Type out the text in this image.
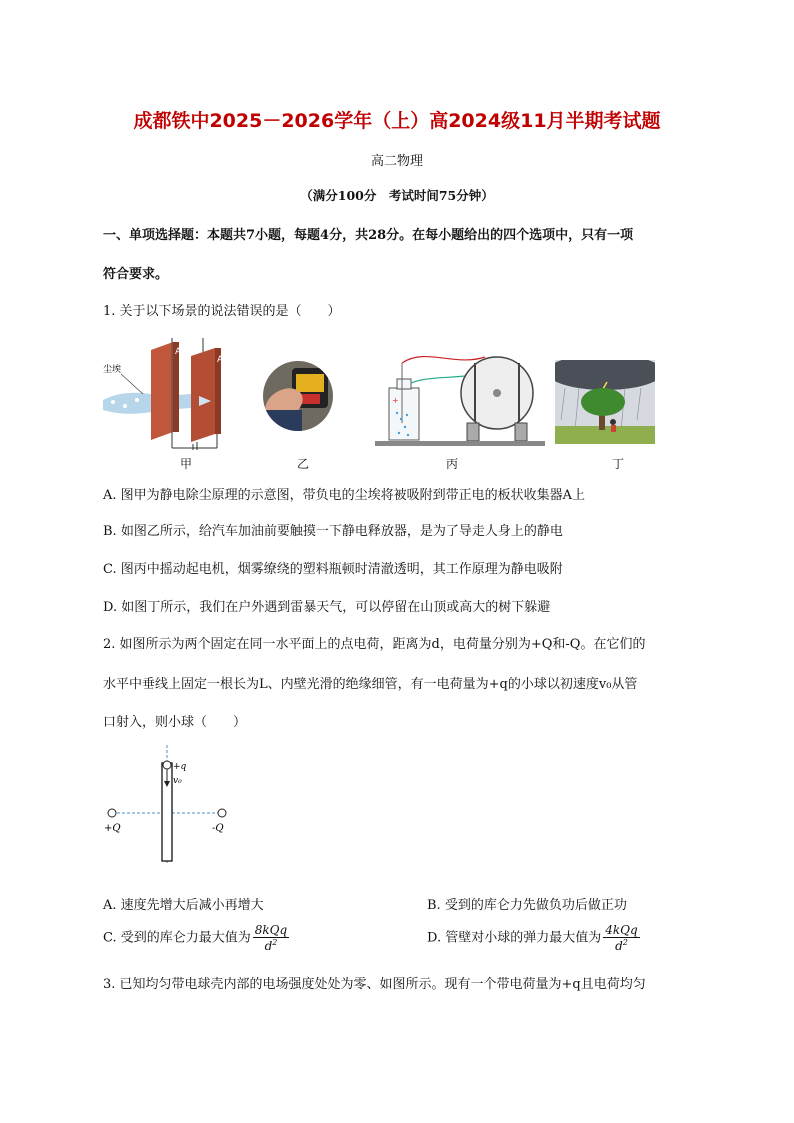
成都铁中2025－2026学年（上）高2024级11月半期考试题
高二物理
（满分100分　考试时间75分钟）
一、单项选择题：本题共7小题，每题4分，共28分。在每小题给出的四个选项中，只有一项
符合要求。
1. 关于以下场景的说法错误的是（　　）
尘埃
A
A
+
甲	乙	丙	丁
A. 图甲为静电除尘原理的示意图，带负电的尘埃将被吸附到带正电的板状收集器A上
B. 如图乙所示，给汽车加油前要触摸一下静电释放器，是为了导走人身上的静电
C. 图丙中摇动起电机，烟雾缭绕的塑料瓶顿时清澈透明，其工作原理为静电吸附
D. 如图丁所示，我们在户外遇到雷暴天气，可以停留在山顶或高大的树下躲避
2. 如图所示为两个固定在同一水平面上的点电荷，距离为d，电荷量分别为+Q和-Q。在它们的
水平中垂线上固定一根长为L、内壁光滑的绝缘细管，有一电荷量为+q的小球以初速度v₀从管
口射入，则小球（　　）
+q
v₀
+Q	-Q
A. 速度先增大后减小再增大	B. 受到的库仑力先做负功后做正功
C. 受到的库仑力最大值为 $\frac{\text{8kQq}}{d^2}$	D. 管壁对小球的弹力最大值为 $\frac{\text{4kQq}}{d^2}$
3. 已知均匀带电球壳内部的电场强度处处为零、如图所示。现有一个带电荷量为+q且电荷均匀
